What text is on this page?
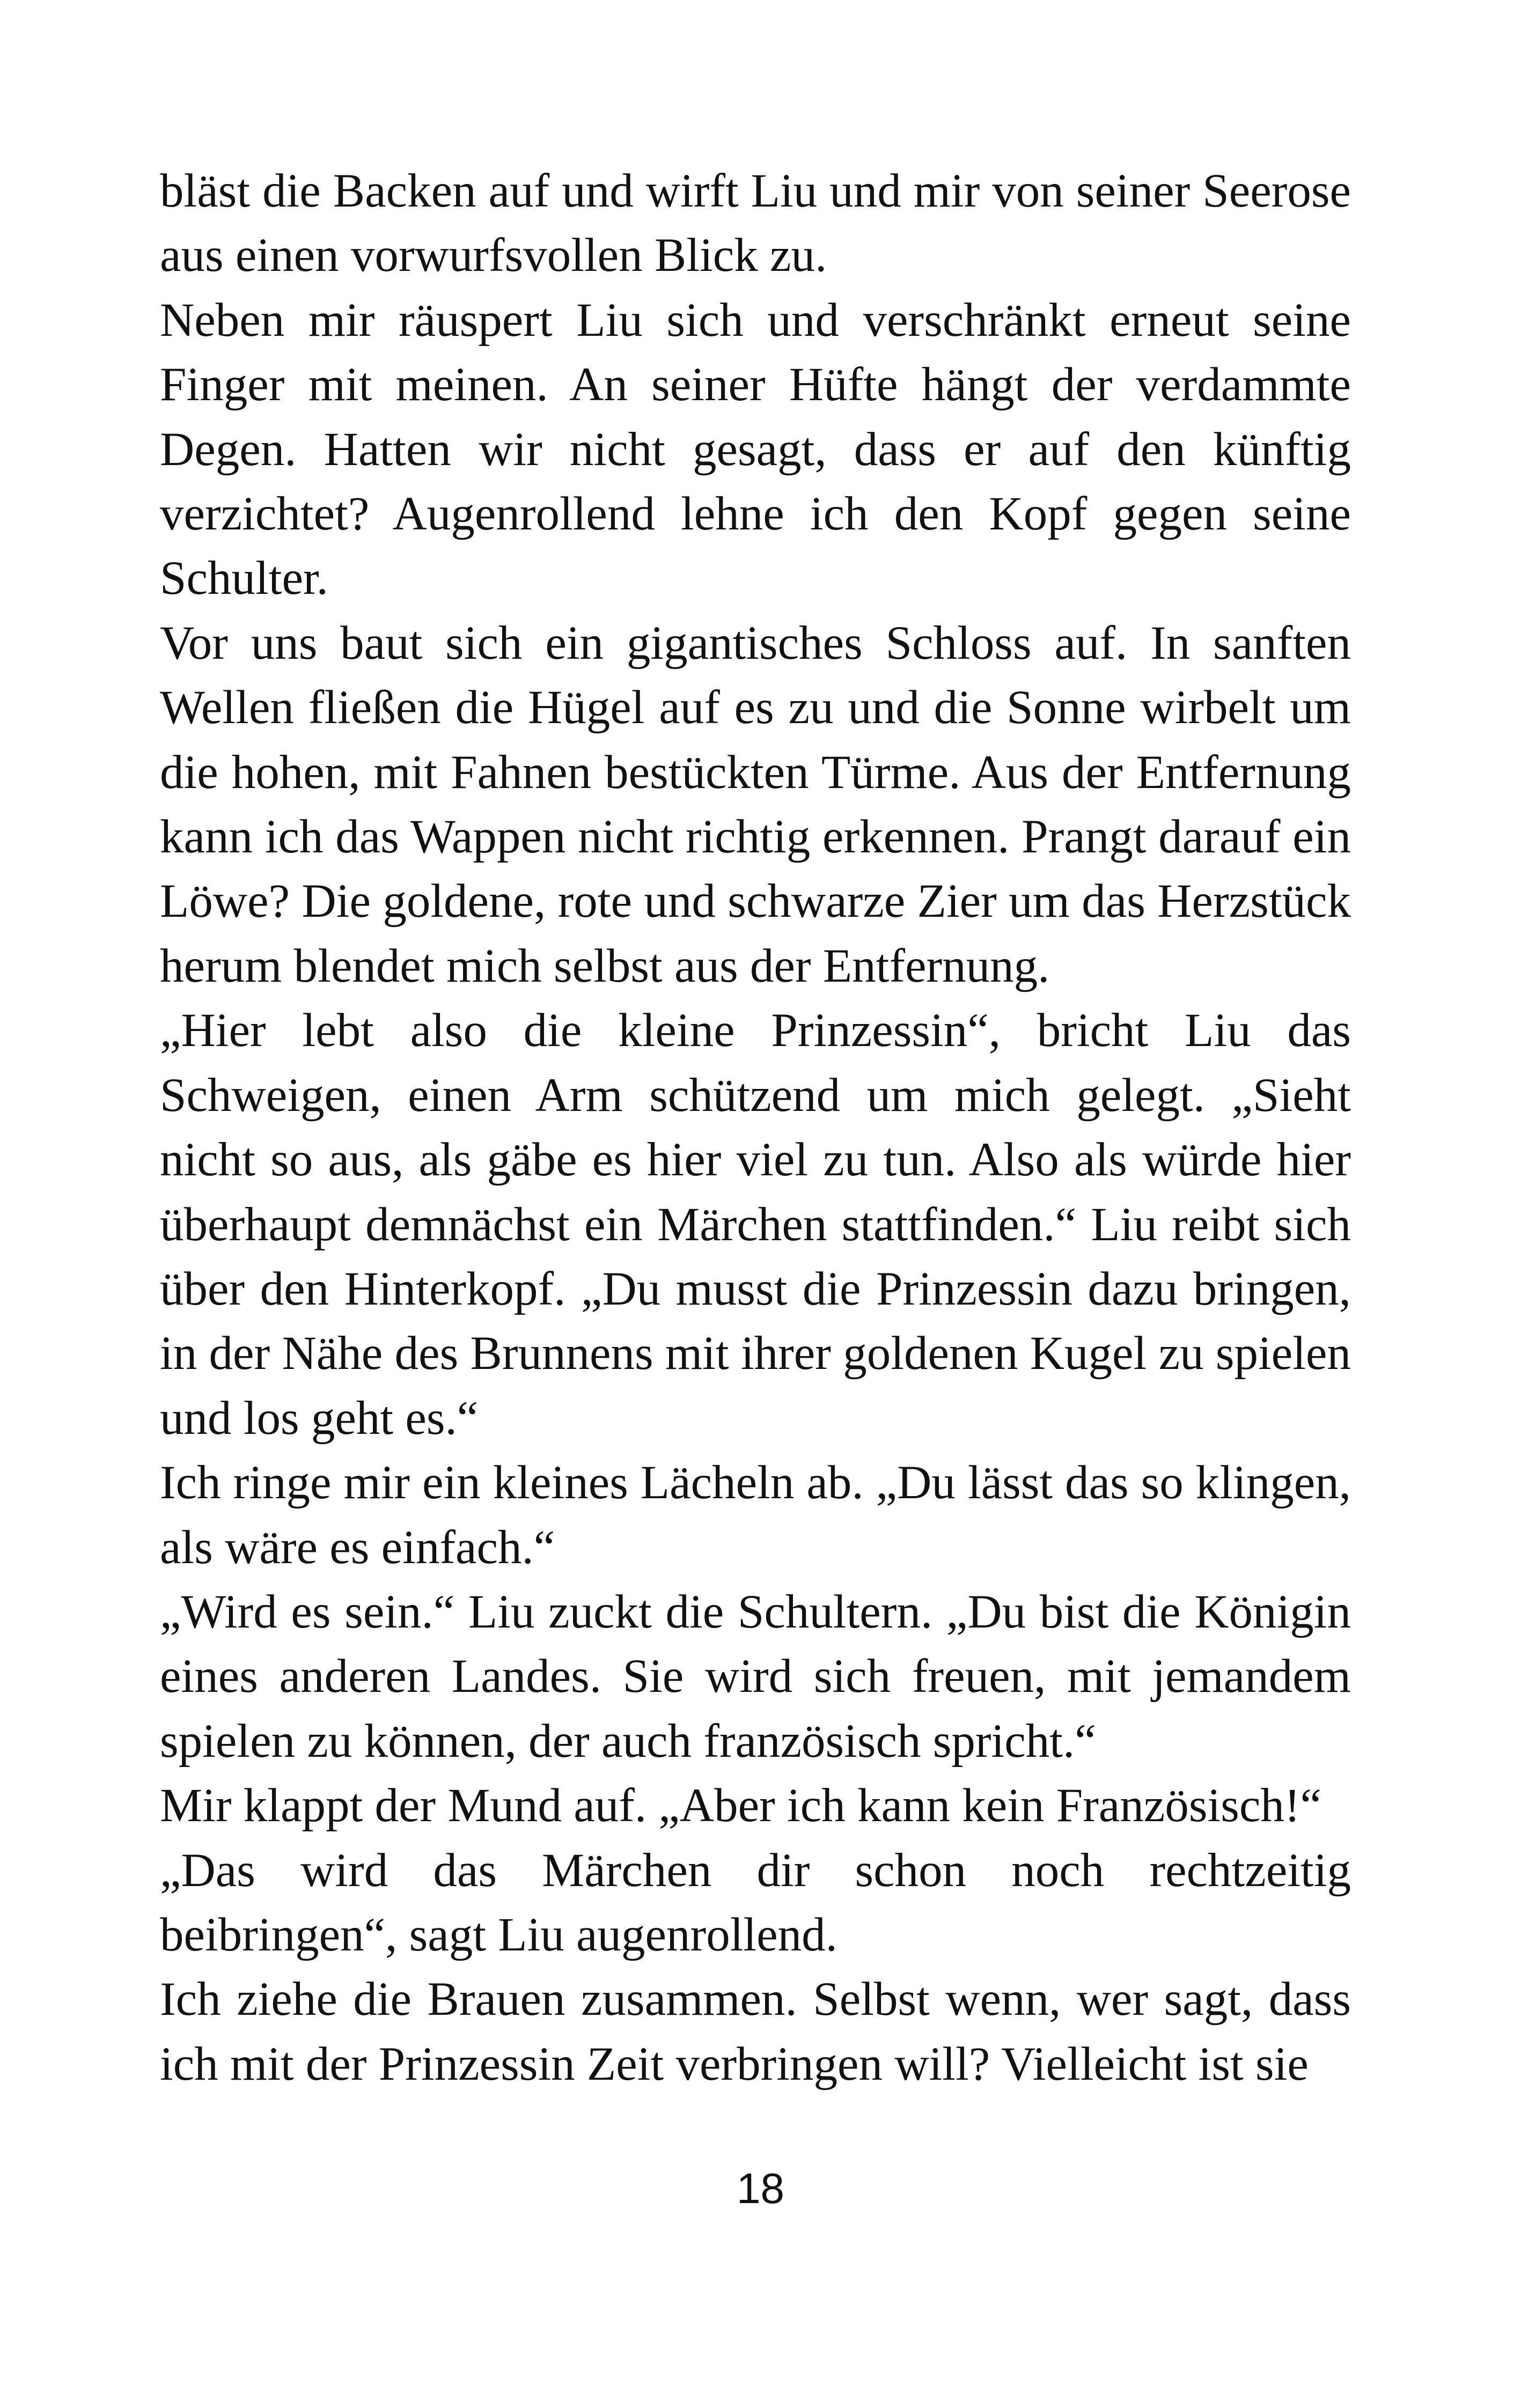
bläst die Backen auf und wirft Liu und mir von seiner Seerose aus einen vorwurfsvollen Blick zu.

Neben mir räuspert Liu sich und verschränkt erneut seine Finger mit meinen. An seiner Hüfte hängt der verdammte Degen. Hatten wir nicht gesagt, dass er auf den künftig verzichtet? Augenrollend lehne ich den Kopf gegen seine Schulter.

Vor uns baut sich ein gigantisches Schloss auf. In sanften Wellen fließen die Hügel auf es zu und die Sonne wirbelt um die hohen, mit Fahnen bestückten Türme. Aus der Entfernung kann ich das Wappen nicht richtig erkennen. Prangt darauf ein Löwe? Die goldene, rote und schwarze Zier um das Herzstück herum blendet mich selbst aus der Entfernung.

„Hier lebt also die kleine Prinzessin“, bricht Liu das Schweigen, einen Arm schützend um mich gelegt. „Sieht nicht so aus, als gäbe es hier viel zu tun. Also als würde hier überhaupt demnächst ein Märchen stattfinden.“ Liu reibt sich über den Hinterkopf. „Du musst die Prinzessin dazu bringen, in der Nähe des Brunnens mit ihrer goldenen Kugel zu spielen und los geht es.“

Ich ringe mir ein kleines Lächeln ab. „Du lässt das so klingen, als wäre es einfach.“

„Wird es sein.“ Liu zuckt die Schultern. „Du bist die Königin eines anderen Landes. Sie wird sich freuen, mit jemandem spielen zu können, der auch französisch spricht.“

Mir klappt der Mund auf. „Aber ich kann kein Französisch!“

„Das wird das Märchen dir schon noch rechtzeitig beibringen“, sagt Liu augenrollend.

Ich ziehe die Brauen zusammen. Selbst wenn, wer sagt, dass ich mit der Prinzessin Zeit verbringen will? Vielleicht ist sie

18
